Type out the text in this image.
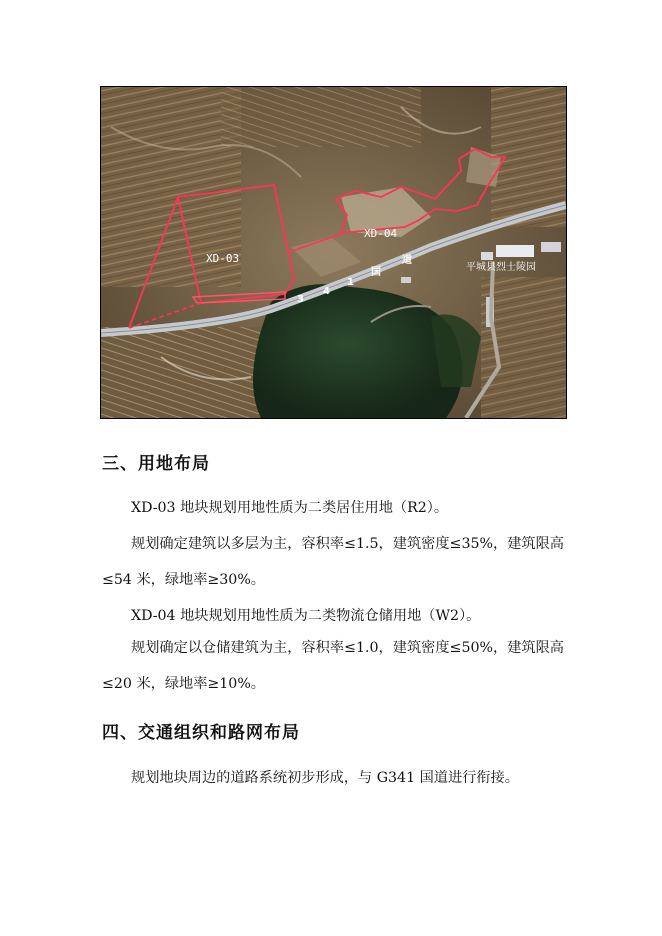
XD-03
XD-04
3
4
1
国
道
平城县烈士陵园
三、用地布局

XD-03 地块规划用地性质为二类居住用地（R2）。

规划确定建筑以多层为主，容积率≤1.5，建筑密度≤35%，建筑限高≤54 米，绿地率≥30%。

XD-04 地块规划用地性质为二类物流仓储用地（W2）。

规划确定以仓储建筑为主，容积率≤1.0，建筑密度≤50%，建筑限高≤20 米，绿地率≥10%。

四、交通组织和路网布局

规划地块周边的道路系统初步形成，与 G341 国道进行衔接。
